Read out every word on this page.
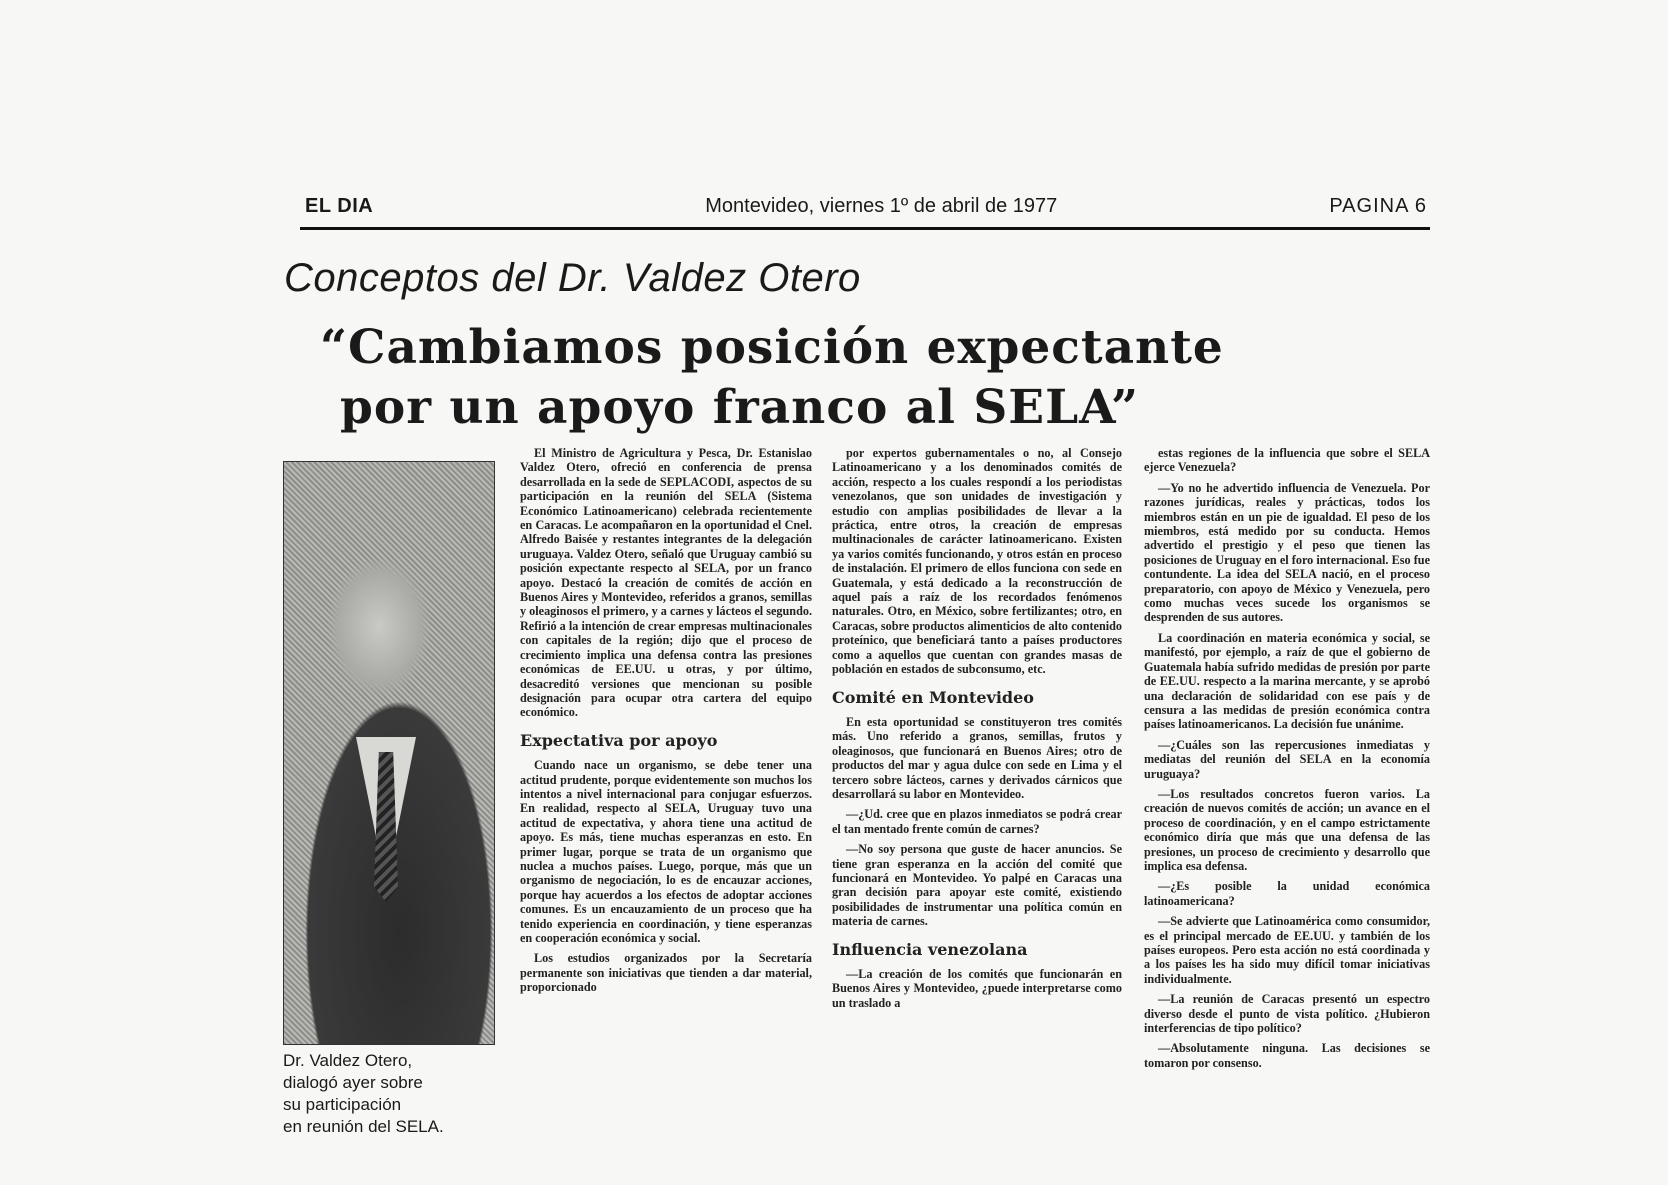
EL DIA	Montevideo, viernes 1º de abril de 1977	PAGINA 6
Conceptos del Dr. Valdez Otero
“Cambiamos posición expectante
por un apoyo franco al SELA”
Dr. Valdez Otero,
dialogó ayer sobre
su participación
en reunión del SELA.

El Ministro de Agricultura y Pesca, Dr. Estanislao Valdez Otero, ofreció en conferencia de prensa desarrollada en la sede de SEPLACODI, aspectos de su participación en la reunión del SELA (Sistema Económico Latinoamericano) celebrada recientemente en Caracas. Le acompañaron en la oportunidad el Cnel. Alfredo Baisée y restantes integrantes de la delegación uruguaya. Valdez Otero, señaló que Uruguay cambió su posición expectante respecto al SELA, por un franco apoyo. Destacó la creación de comités de acción en Buenos Aires y Montevideo, referidos a granos, semillas y oleaginosos el primero, y a carnes y lácteos el segundo. Refirió a la intención de crear empresas multinacionales con capitales de la región; dijo que el proceso de crecimiento implica una defensa contra las presiones económicas de EE.UU. u otras, y por último, desacreditó versiones que mencionan su posible designación para ocupar otra cartera del equipo económico.

Expectativa por apoyo

Cuando nace un organismo, se debe tener una actitud prudente, porque evidentemente son muchos los intentos a nivel internacional para conjugar esfuerzos. En realidad, respecto al SELA, Uruguay tuvo una actitud de expectativa, y ahora tiene una actitud de apoyo. Es más, tiene muchas esperanzas en esto. En primer lugar, porque se trata de un organismo que nuclea a muchos países. Luego, porque, más que un organismo de negociación, lo es de encauzar acciones, porque hay acuerdos a los efectos de adoptar acciones comunes. Es un encauzamiento de un proceso que ha tenido experiencia en coordinación, y tiene esperanzas en cooperación económica y social.

Los estudios organizados por la Secretaría permanente son iniciativas que tienden a dar material, proporcionado

por expertos gubernamentales o no, al Consejo Latinoamericano y a los denominados comités de acción, respecto a los cuales respondí a los periodistas venezolanos, que son unidades de investigación y estudio con amplias posibilidades de llevar a la práctica, entre otros, la creación de empresas multinacionales de carácter latinoamericano. Existen ya varios comités funcionando, y otros están en proceso de instalación. El primero de ellos funciona con sede en Guatemala, y está dedicado a la reconstrucción de aquel país a raíz de los recordados fenómenos naturales. Otro, en México, sobre fertilizantes; otro, en Caracas, sobre productos alimenticios de alto contenido proteínico, que beneficiará tanto a países productores como a aquellos que cuentan con grandes masas de población en estados de subconsumo, etc.

Comité en Montevideo

En esta oportunidad se constituyeron tres comités más. Uno referido a granos, semillas, frutos y oleaginosos, que funcionará en Buenos Aires; otro de productos del mar y agua dulce con sede en Lima y el tercero sobre lácteos, carnes y derivados cárnicos que desarrollará su labor en Montevideo.

—¿Ud. cree que en plazos inmediatos se podrá crear el tan mentado frente común de carnes?

—No soy persona que guste de hacer anuncios. Se tiene gran esperanza en la acción del comité que funcionará en Montevideo. Yo palpé en Caracas una gran decisión para apoyar este comité, existiendo posibilidades de instrumentar una política común en materia de carnes.

Influencia venezolana

—La creación de los comités que funcionarán en Buenos Aires y Montevideo, ¿puede interpretarse como un traslado a

estas regiones de la influencia que sobre el SELA ejerce Venezuela?

—Yo no he advertido influencia de Venezuela. Por razones jurídicas, reales y prácticas, todos los miembros están en un pie de igualdad. El peso de los miembros, está medido por su conducta. Hemos advertido el prestigio y el peso que tienen las posiciones de Uruguay en el foro internacional. Eso fue contundente. La idea del SELA nació, en el proceso preparatorio, con apoyo de México y Venezuela, pero como muchas veces sucede los organismos se desprenden de sus autores.

La coordinación en materia económica y social, se manifestó, por ejemplo, a raíz de que el gobierno de Guatemala había sufrido medidas de presión por parte de EE.UU. respecto a la marina mercante, y se aprobó una declaración de solidaridad con ese país y de censura a las medidas de presión económica contra países latinoamericanos. La decisión fue unánime.

—¿Cuáles son las repercusiones inmediatas y mediatas del reunión del SELA en la economía uruguaya?

—Los resultados concretos fueron varios. La creación de nuevos comités de acción; un avance en el proceso de coordinación, y en el campo estrictamente económico diría que más que una defensa de las presiones, un proceso de crecimiento y desarrollo que implica esa defensa.

—¿Es posible la unidad económica latinoamericana?

—Se advierte que Latinoamérica como consumidor, es el principal mercado de EE.UU. y también de los países europeos. Pero esta acción no está coordinada y a los países les ha sido muy difícil tomar iniciativas individualmente.

—La reunión de Caracas presentó un espectro diverso desde el punto de vista político. ¿Hubieron interferencias de tipo político?

—Absolutamente ninguna. Las decisiones se tomaron por consenso.
